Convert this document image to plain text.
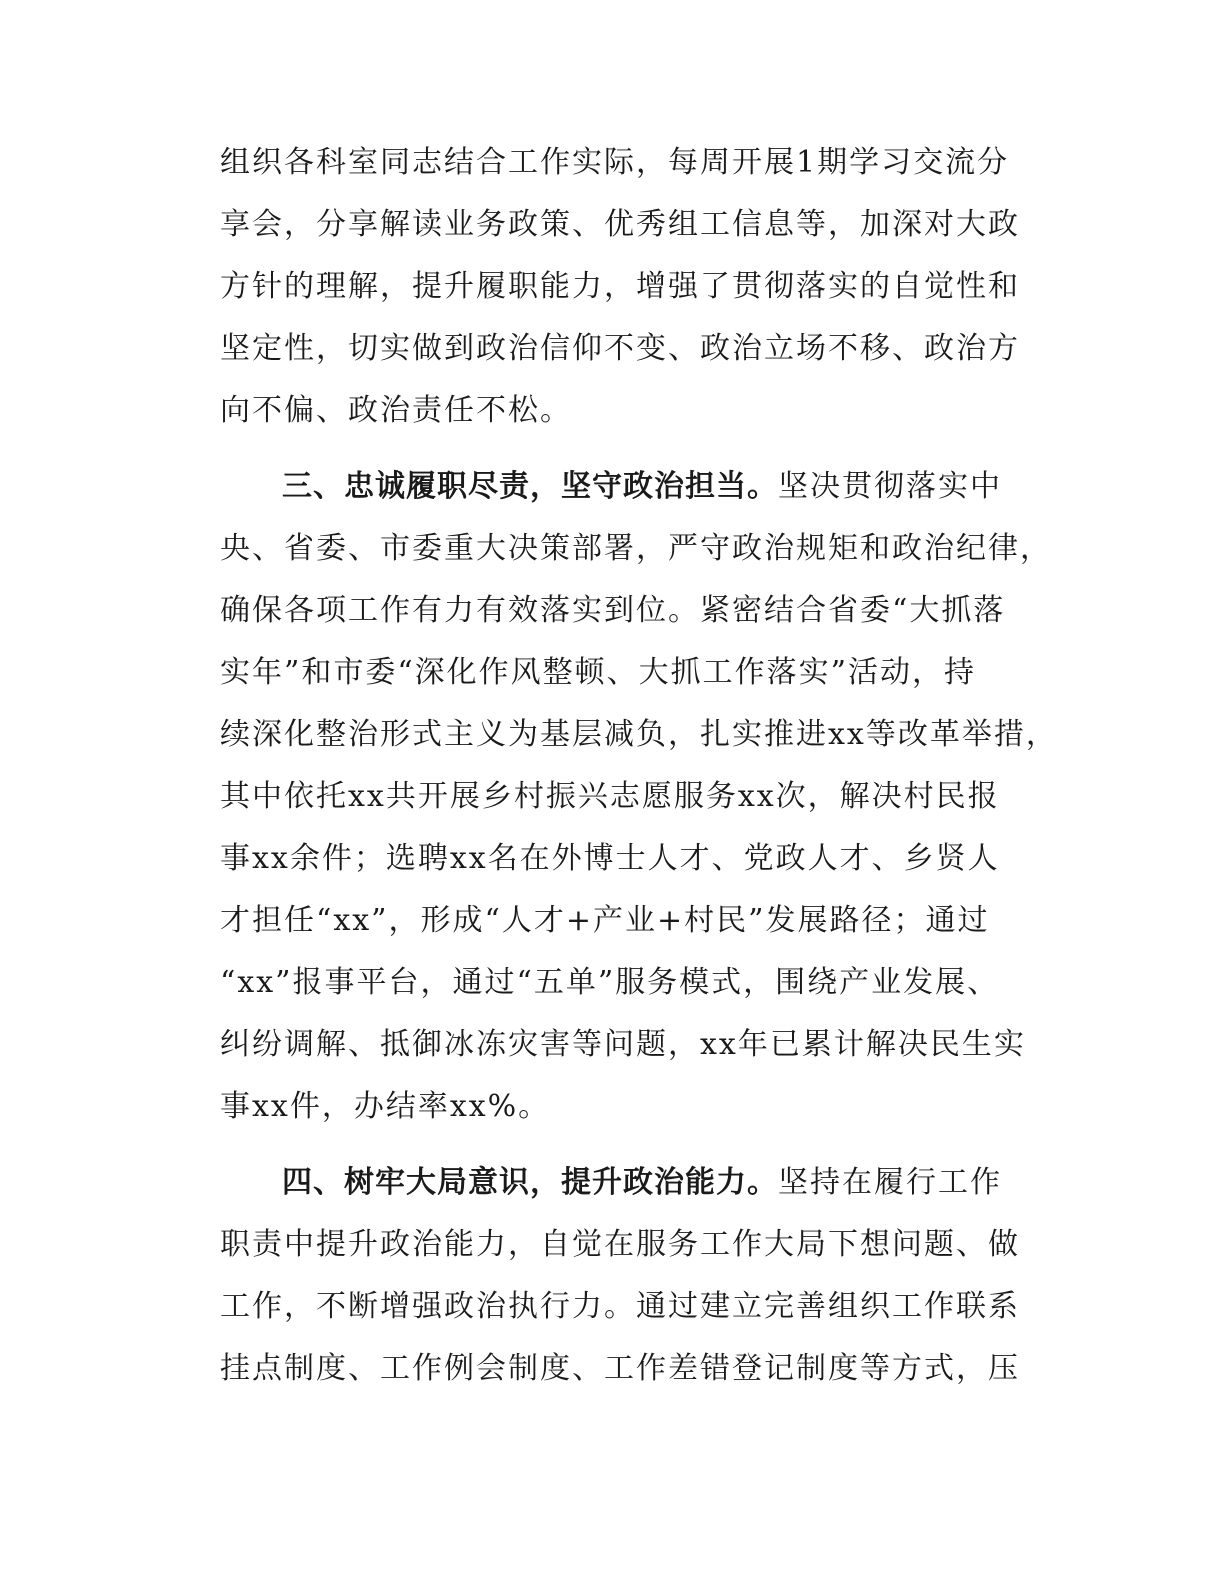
组织各科室同志结合工作实际，每周开展1期学习交流分
享会，分享解读业务政策、优秀组工信息等，加深对大政
方针的理解，提升履职能力，增强了贯彻落实的自觉性和
坚定性，切实做到政治信仰不变、政治立场不移、政治方
向不偏、政治责任不松。
三、忠诚履职尽责，坚守政治担当。坚决贯彻落实中
央、省委、市委重大决策部署，严守政治规矩和政治纪律，
确保各项工作有力有效落实到位。紧密结合省委“大抓落
实年”和市委“深化作风整顿、大抓工作落实”活动，持
续深化整治形式主义为基层减负，扎实推进xx等改革举措，
其中依托xx共开展乡村振兴志愿服务xx次，解决村民报
事xx余件；选聘xx名在外博士人才、党政人才、乡贤人
才担任“xx”，形成“人才+产业+村民”发展路径；通过
“xx”报事平台，通过“五单”服务模式，围绕产业发展、
纠纷调解、抵御冰冻灾害等问题，xx年已累计解决民生实
事xx件，办结率xx%。
四、树牢大局意识，提升政治能力。坚持在履行工作
职责中提升政治能力，自觉在服务工作大局下想问题、做
工作，不断增强政治执行力。通过建立完善组织工作联系
挂点制度、工作例会制度、工作差错登记制度等方式，压
